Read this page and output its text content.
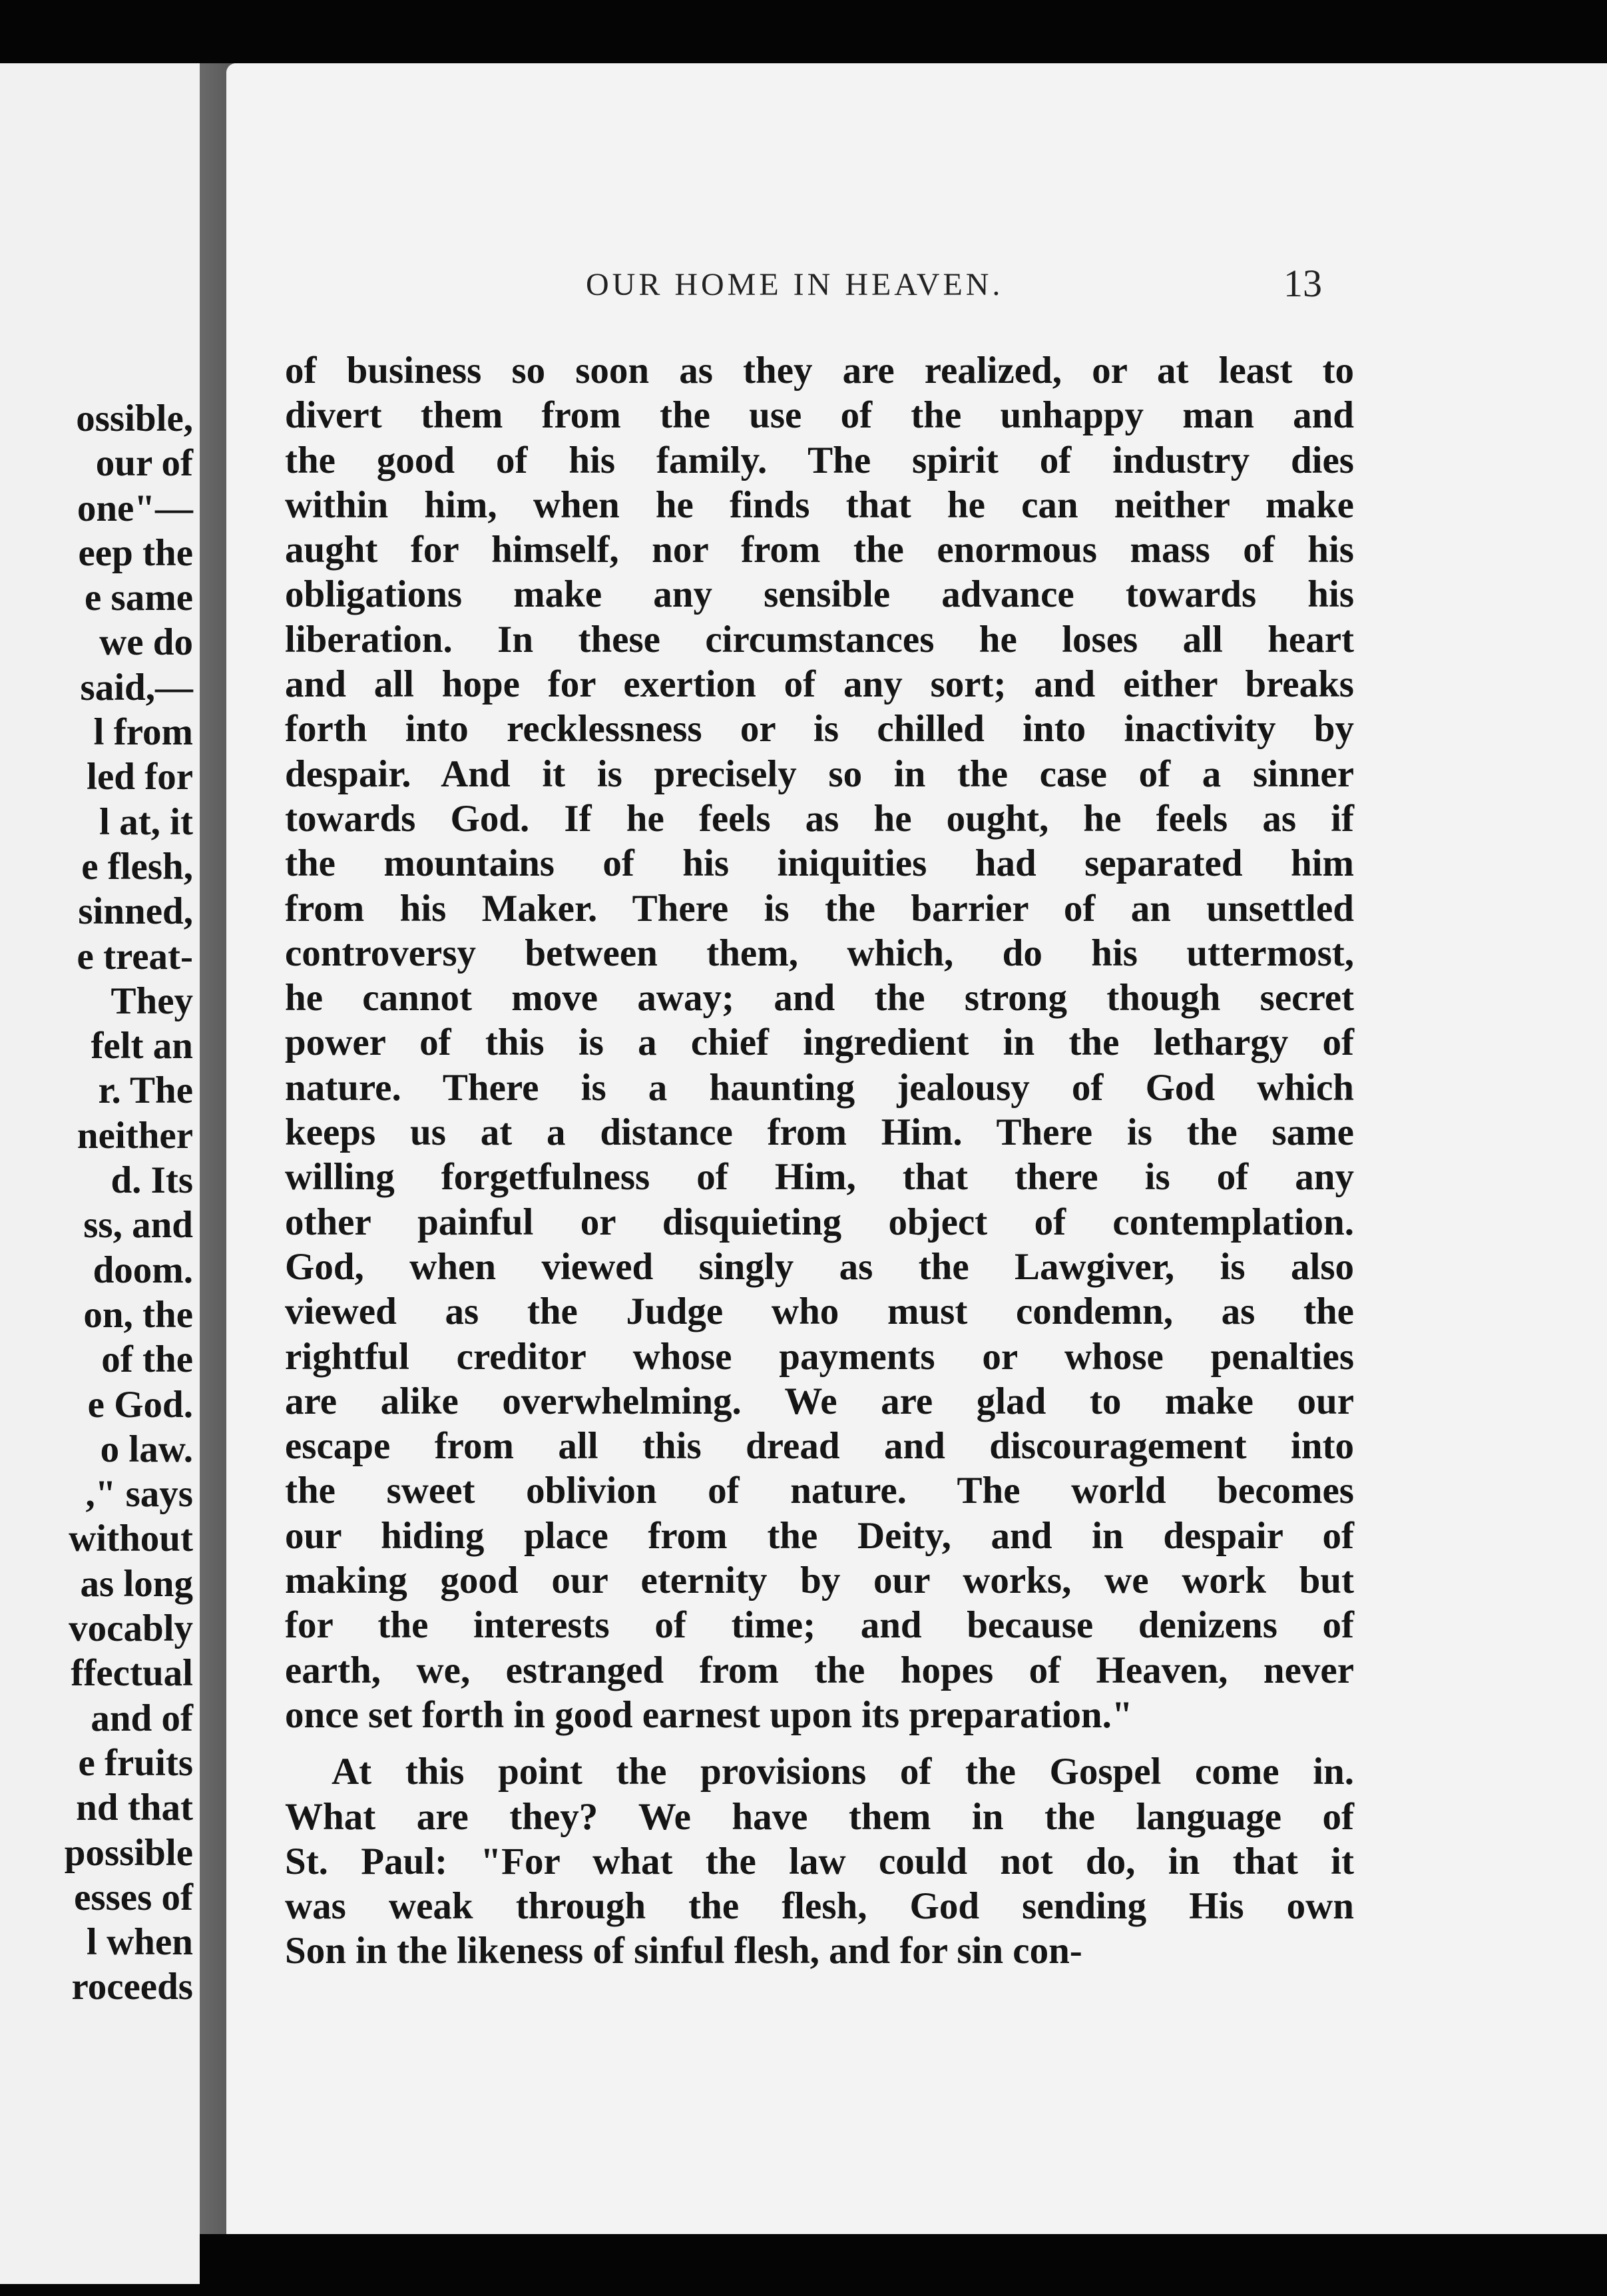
ossible,
our of
one"—
eep the
e same
we do
said,—
l from
led for
l at, it
e flesh,
sinned,
e treat-
They
felt an
r. The
neither
d. Its
ss, and
doom.
on, the
of the
e God.
o law.
," says
without
as long
vocably
ffectual
and of
e fruits
nd that
possible
esses of
l when
roceeds
OUR HOME IN HEAVEN.	13
of business so soon as they are realized, or at least to
divert them from the use of the unhappy man and
the good of his family. The spirit of industry dies
within him, when he finds that he can neither make
aught for himself, nor from the enormous mass of his
obligations make any sensible advance towards his
liberation. In these circumstances he loses all heart
and all hope for exertion of any sort; and either breaks
forth into recklessness or is chilled into inactivity by
despair. And it is precisely so in the case of a sinner
towards God. If he feels as he ought, he feels as if
the mountains of his iniquities had separated him
from his Maker. There is the barrier of an unsettled
controversy between them, which, do his uttermost,
he cannot move away; and the strong though secret
power of this is a chief ingredient in the lethargy of
nature. There is a haunting jealousy of God which
keeps us at a distance from Him. There is the same
willing forgetfulness of Him, that there is of any
other painful or disquieting object of contemplation.
God, when viewed singly as the Lawgiver, is also
viewed as the Judge who must condemn, as the
rightful creditor whose payments or whose penalties
are alike overwhelming. We are glad to make our
escape from all this dread and discouragement into
the sweet oblivion of nature. The world becomes
our hiding place from the Deity, and in despair of
making good our eternity by our works, we work but
for the interests of time; and because denizens of
earth, we, estranged from the hopes of Heaven, never
once set forth in good earnest upon its preparation."
At this point the provisions of the Gospel come in.
What are they? We have them in the language of
St. Paul: "For what the law could not do, in that it
was weak through the flesh, God sending His own
Son in the likeness of sinful flesh, and for sin con-
